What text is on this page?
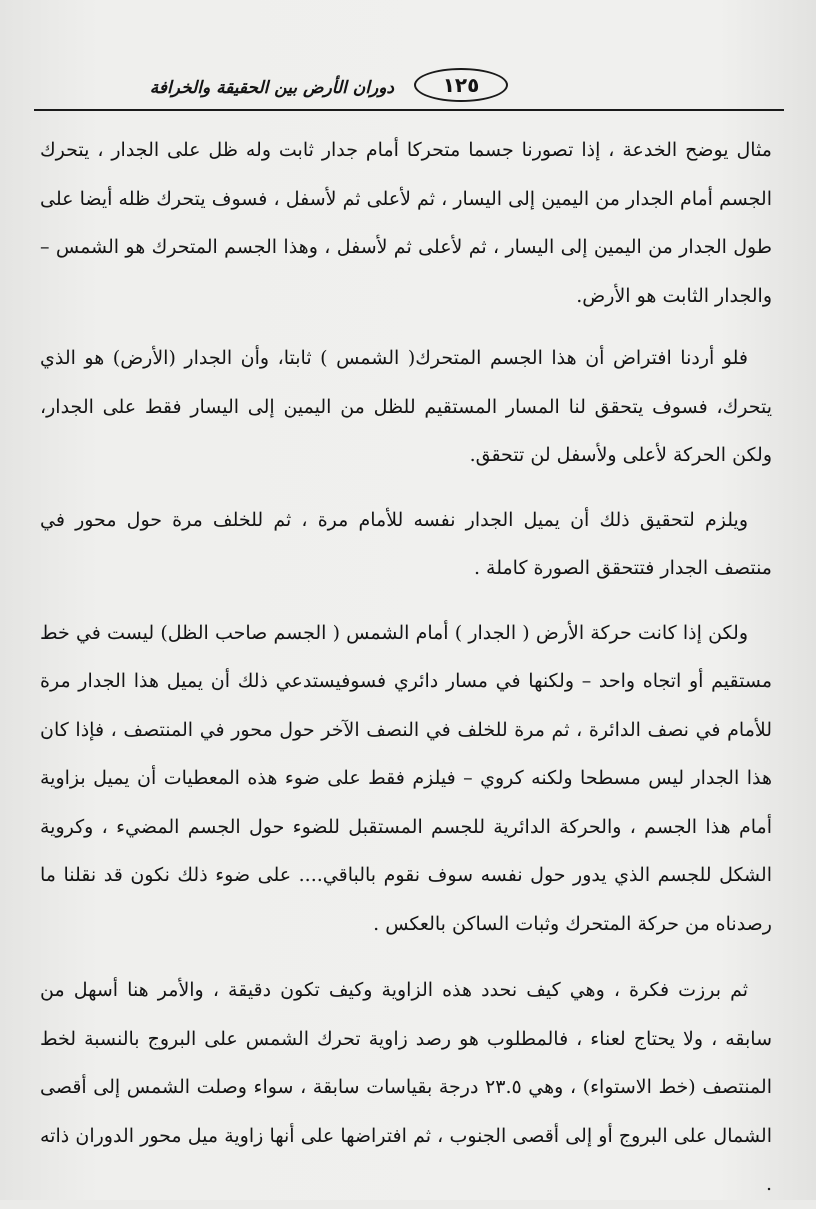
دوران الأرض بين الحقيقة والخرافة	١٢٥

مثال يوضح الخدعة ، إذا تصورنا جسما متحركا أمام جدار ثابت وله ظل على الجدار ، يتحرك الجسم أمام الجدار من اليمين إلى اليسار ، ثم لأعلى ثم لأسفل ، فسوف يتحرك ظله أيضا على طول الجدار من اليمين إلى اليسار ، ثم لأعلى ثم لأسفل ، وهذا الجسم المتحرك هو الشمس – والجدار الثابت هو الأرض.

فلو أردنا افتراض أن هذا الجسم المتحرك( الشمس ) ثابتا، وأن الجدار (الأرض) هو الذي يتحرك، فسوف يتحقق لنا المسار المستقيم للظل من اليمين إلى اليسار فقط على الجدار، ولكن الحركة لأعلى ولأسفل لن تتحقق.

ويلزم لتحقيق ذلك أن يميل الجدار نفسه للأمام مرة ، ثم للخلف مرة حول محور في منتصف الجدار فتتحقق الصورة كاملة .

ولكن إذا كانت حركة الأرض ( الجدار ) أمام الشمس ( الجسم صاحب الظل) ليست في خط مستقيم أو اتجاه واحد – ولكنها في مسار دائري فسوفيستدعي ذلك أن يميل هذا الجدار مرة للأمام في نصف الدائرة ، ثم مرة للخلف في النصف الآخر حول محور في المنتصف ، فإذا كان هذا الجدار ليس مسطحا ولكنه كروي – فيلزم فقط على ضوء هذه المعطيات أن يميل بزاوية أمام هذا الجسم ، والحركة الدائرية للجسم المستقبل للضوء حول الجسم المضيء ، وكروية الشكل للجسم الذي يدور حول نفسه سوف نقوم بالباقي.... على ضوء ذلك نكون قد نقلنا ما رصدناه من حركة المتحرك وثبات الساكن بالعكس .

ثم برزت فكرة ، وهي كيف نحدد هذه الزاوية وكيف تكون دقيقة ، والأمر هنا أسهل من سابقه ، ولا يحتاج لعناء ، فالمطلوب هو رصد زاوية تحرك الشمس على البروج بالنسبة لخط المنتصف (خط الاستواء) ، وهي ٢٣.٥ درجة بقياسات سابقة ، سواء وصلت الشمس إلى أقصى الشمال على البروج أو إلى أقصى الجنوب ، ثم افتراضها على أنها زاوية ميل محور الدوران ذاته .
